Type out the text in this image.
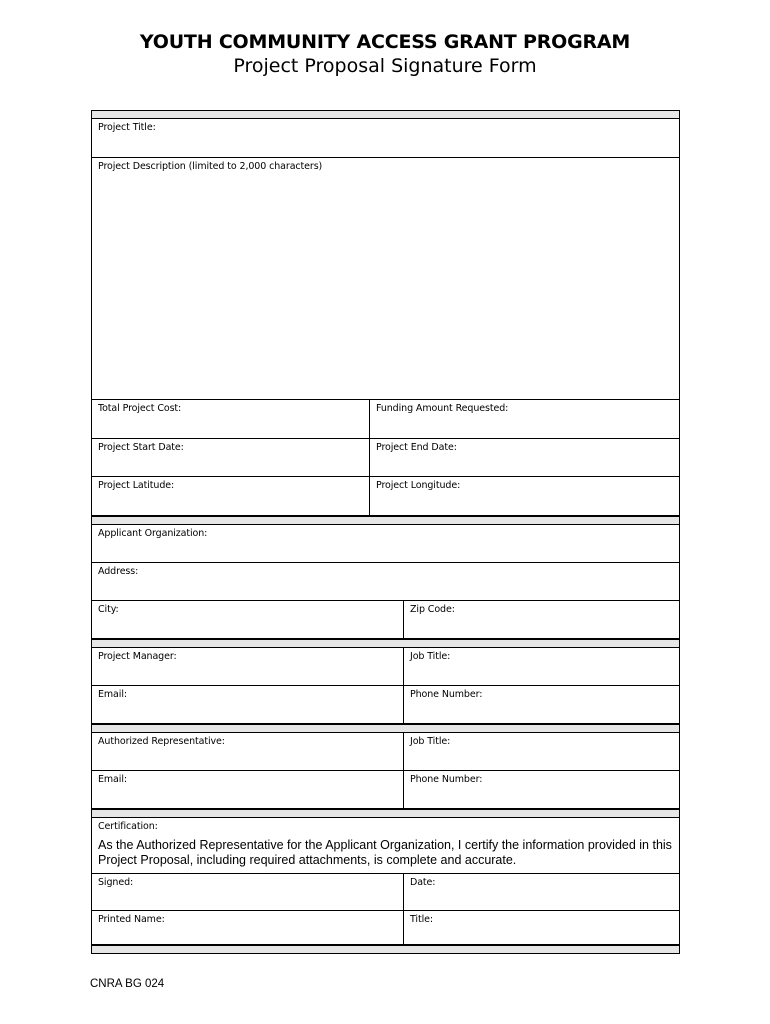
YOUTH COMMUNITY ACCESS GRANT PROGRAM
Project Proposal Signature Form
Project Title:
Project Description (limited to 2,000 characters)
Total Project Cost:	Funding Amount Requested:
Project Start Date:	Project End Date:
Project Latitude:	Project Longitude:
Applicant Organization:
Address:
City:	Zip Code:
Project Manager:	Job Title:
Email:	Phone Number:
Authorized Representative:	Job Title:
Email:	Phone Number:
Certification:
As the Authorized Representative for the Applicant Organization, I certify the information provided in this Project Proposal, including required attachments, is complete and accurate.
Signed:	Date:
Printed Name:	Title:
CNRA BG 024
